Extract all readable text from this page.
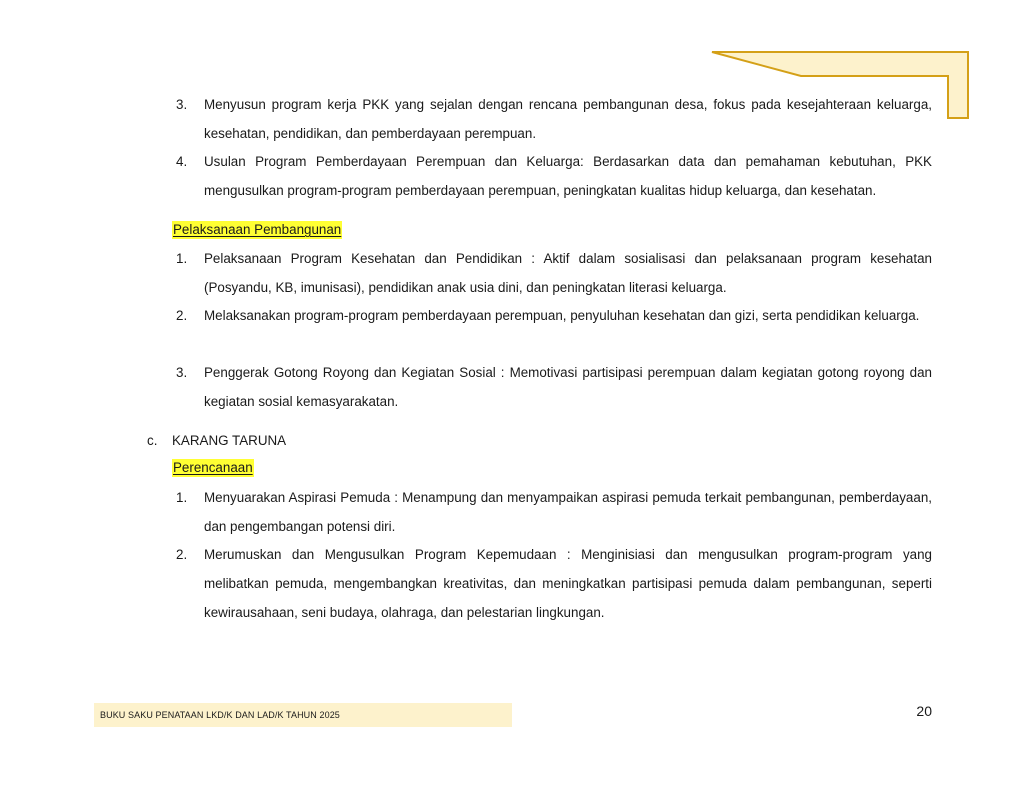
3. Menyusun program kerja PKK yang sejalan dengan rencana pembangunan desa, fokus pada kesejahteraan keluarga, kesehatan, pendidikan, dan pemberdayaan perempuan.
4. Usulan Program Pemberdayaan Perempuan dan Keluarga: Berdasarkan data dan pemahaman kebutuhan, PKK mengusulkan program-program pemberdayaan perempuan, peningkatan kualitas hidup keluarga, dan kesehatan.
Pelaksanaan Pembangunan
1. Pelaksanaan Program Kesehatan dan Pendidikan : Aktif dalam sosialisasi dan pelaksanaan program kesehatan (Posyandu, KB, imunisasi), pendidikan anak usia dini, dan peningkatan literasi keluarga.
2. Melaksanakan program-program pemberdayaan perempuan, penyuluhan kesehatan dan gizi, serta pendidikan keluarga.
3. Penggerak Gotong Royong dan Kegiatan Sosial : Memotivasi partisipasi perempuan dalam kegiatan gotong royong dan kegiatan sosial kemasyarakatan.
c. KARANG TARUNA
Perencanaan
1. Menyuarakan Aspirasi Pemuda : Menampung dan menyampaikan aspirasi pemuda terkait pembangunan, pemberdayaan, dan pengembangan potensi diri.
2. Merumuskan dan Mengusulkan Program Kepemudaan : Menginisiasi dan mengusulkan program-program yang melibatkan pemuda, mengembangkan kreativitas, dan meningkatkan partisipasi pemuda dalam pembangunan, seperti kewirausahaan, seni budaya, olahraga, dan pelestarian lingkungan.
BUKU SAKU PENATAAN LKD/K DAN LAD/K TAHUN 2025	20
